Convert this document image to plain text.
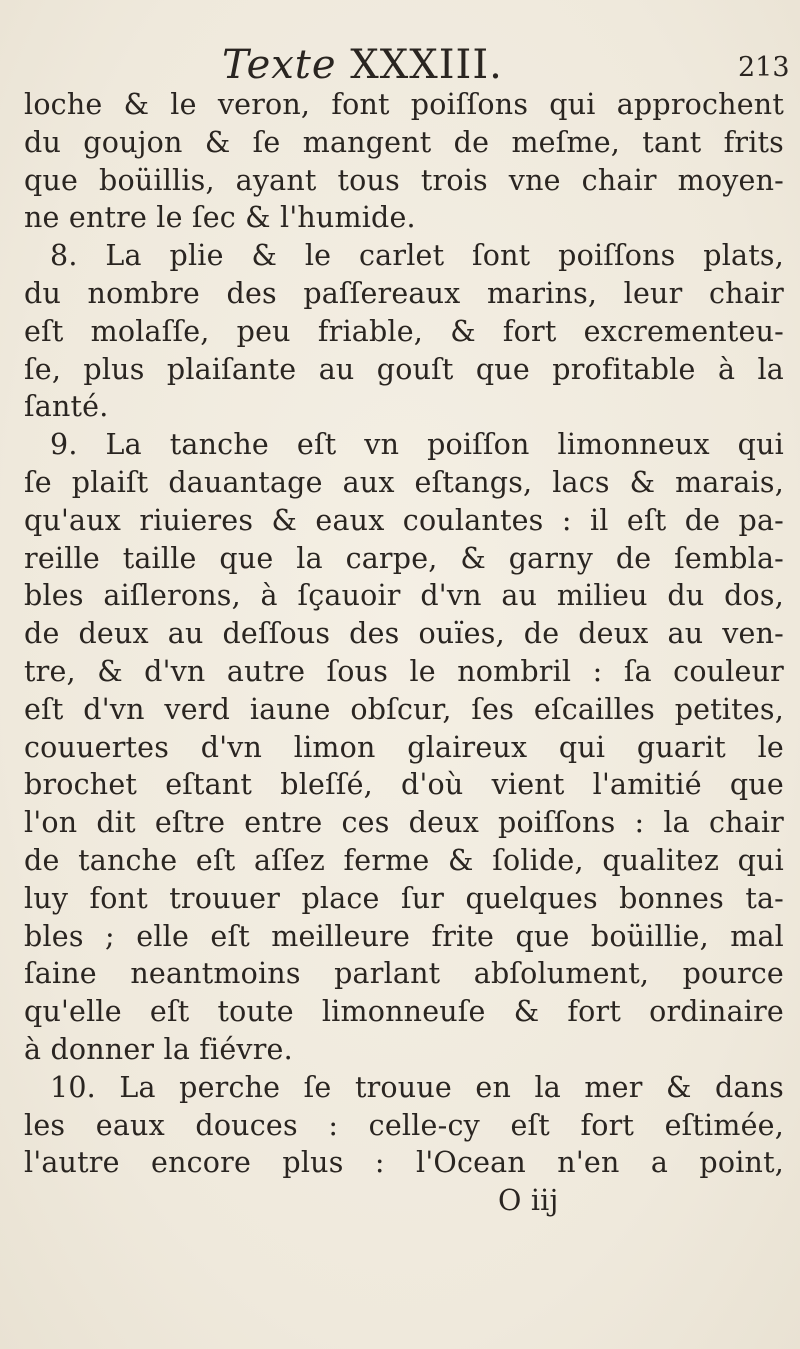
Texte XXXIII.	213
loche & le veron, font poiſſons qui approchent
du goujon & ſe mangent de meſme, tant frits
que boüillis, ayant tous trois vne chair moyen-
ne entre le ſec & l'humide.
8. La plie & le carlet ſont poiſſons plats,
du nombre des paſſereaux marins, leur chair
eſt molaſſe, peu friable, & fort excrementeu-
ſe, plus plaiſante au gouſt que profitable à la
ſanté.
9. La tanche eſt vn poiſſon limonneux qui
ſe plaiſt dauantage aux eſtangs, lacs & marais,
qu'aux riuieres & eaux coulantes : il eſt de pa-
reille taille que la carpe, & garny de ſembla-
bles aiſlerons, à ſçauoir d'vn au milieu du dos,
de deux au deſſous des ouïes, de deux au ven-
tre, & d'vn autre ſous le nombril : ſa couleur
eſt d'vn verd iaune obſcur, ſes eſcailles petites,
couuertes d'vn limon glaireux qui guarit le
brochet eſtant bleſſé, d'où vient l'amitié que
l'on dit eſtre entre ces deux poiſſons : la chair
de tanche eſt aſſez ferme & ſolide, qualitez qui
luy font trouuer place ſur quelques bonnes ta-
bles ; elle eſt meilleure frite que boüillie, mal
ſaine neantmoins parlant abſolument, pource
qu'elle eſt toute limonneuſe & fort ordinaire
à donner la fiévre.
10. La perche ſe trouue en la mer & dans
les eaux douces : celle-cy eſt fort eſtimée,
l'autre encore plus : l'Ocean n'en a point,
O iij
